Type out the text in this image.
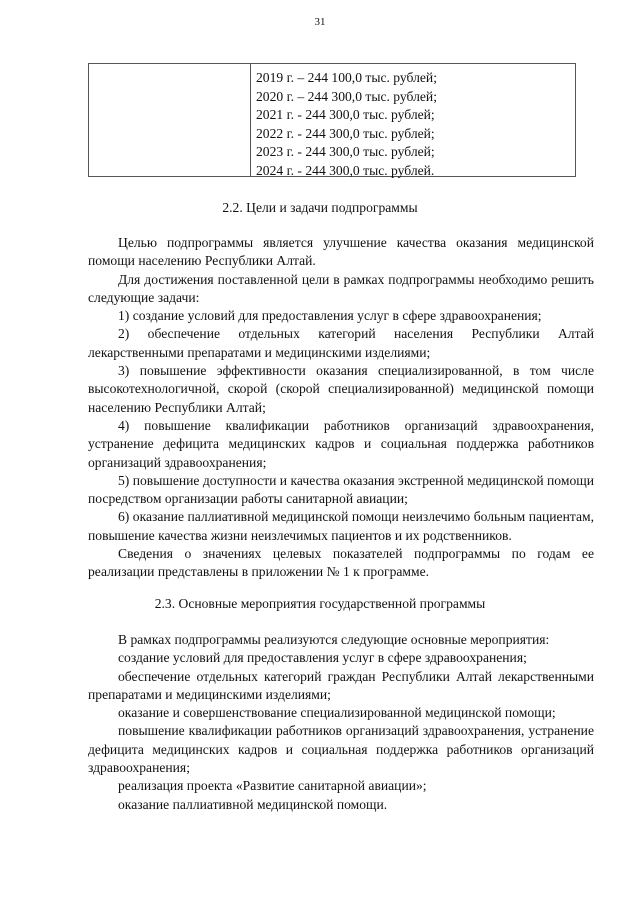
31
2019 г. – 244 100,0 тыс. рублей;
2020 г. – 244 300,0 тыс. рублей;
2021 г. - 244 300,0 тыс. рублей;
2022 г. - 244 300,0 тыс. рублей;
2023 г. - 244 300,0 тыс. рублей;
2024 г. - 244 300,0 тыс. рублей.
2.2. Цели и задачи подпрограммы

Целью подпрограммы является улучшение качества оказания медицинской помощи населению Республики Алтай.

Для достижения поставленной цели в рамках подпрограммы необходимо решить следующие задачи:

1) создание условий для предоставления услуг в сфере здравоохранения;

2) обеспечение отдельных категорий населения Республики Алтай лекарственными препаратами и медицинскими изделиями;

3) повышение эффективности оказания специализированной, в том числе высокотехнологичной, скорой (скорой специализированной) медицинской помощи населению Республики Алтай;

4) повышение квалификации работников организаций здравоохранения, устранение дефицита медицинских кадров и социальная поддержка работников организаций здравоохранения;

5) повышение доступности и качества оказания экстренной медицинской помощи посредством организации работы санитарной авиации;

6) оказание паллиативной медицинской помощи неизлечимо больным пациентам, повышение качества жизни неизлечимых пациентов и их родственников.

Сведения о значениях целевых показателей подпрограммы по годам ее реализации представлены в приложении № 1 к программе.

2.3. Основные мероприятия государственной программы

В рамках подпрограммы реализуются следующие основные мероприятия:

создание условий для предоставления услуг в сфере здравоохранения;

обеспечение отдельных категорий граждан Республики Алтай лекарственными препаратами и медицинскими изделиями;

оказание и совершенствование специализированной медицинской помощи;

повышение квалификации работников организаций здравоохранения, устранение дефицита медицинских кадров и социальная поддержка работников организаций здравоохранения;

реализация проекта «Развитие санитарной авиации»;

оказание паллиативной медицинской помощи.
